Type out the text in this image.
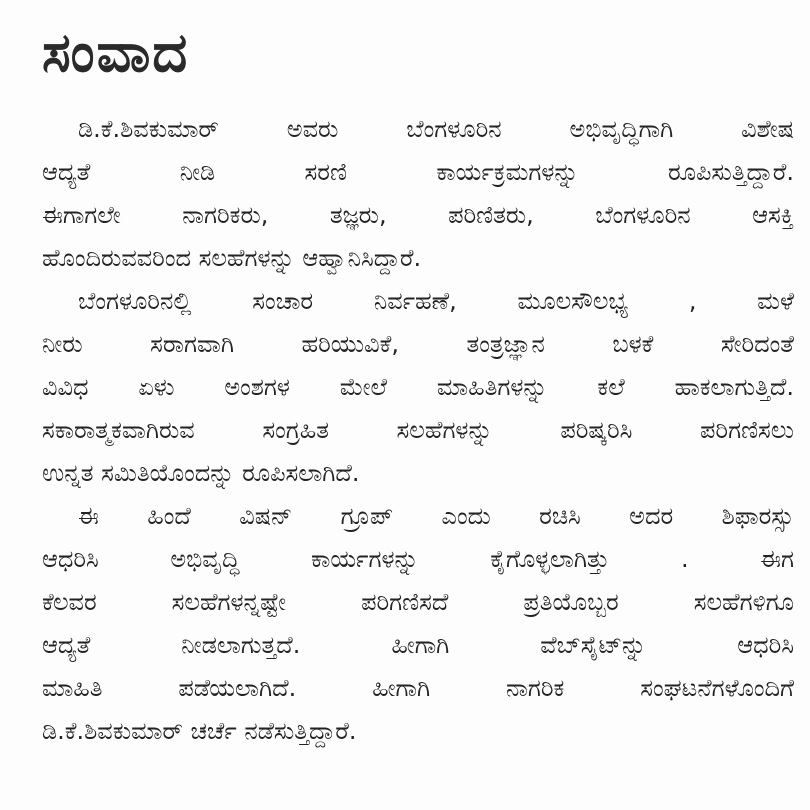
ಸಂವಾದ
ಡಿ.ಕೆ.ಶಿವಕುಮಾರ್ ಅವರು ಬೆಂಗಳೂರಿನ ಅಭಿವೃದ್ಧಿಗಾಗಿ ವಿಶೇಷ
ಆದ್ಯತೆ ನೀಡಿ ಸರಣಿ ಕಾರ್ಯಕ್ರಮಗಳನ್ನು ರೂಪಿಸುತ್ತಿದ್ದಾರೆ.
ಈಗಾಗಲೇ ನಾಗರಿಕರು, ತಜ್ಞರು, ಪರಿಣಿತರು, ಬೆಂಗಳೂರಿನ ಆಸಕ್ತಿ
ಹೊಂದಿರುವವರಿಂದ ಸಲಹೆಗಳನ್ನು ಆಹ್ವಾನಿಸಿದ್ದಾರೆ.
ಬೆಂಗಳೂರಿನಲ್ಲಿ ಸಂಚಾರ ನಿರ್ವಹಣೆ, ಮೂಲಸೌಲಭ್ಯ , ಮಳೆ
ನೀರು ಸರಾಗವಾಗಿ ಹರಿಯುವಿಕೆ, ತಂತ್ರಜ್ಞಾನ ಬಳಕೆ ಸೇರಿದಂತೆ
ವಿವಿಧ ಏಳು ಅಂಶಗಳ ಮೇಲೆ ಮಾಹಿತಿಗಳನ್ನು ಕಲೆ ಹಾಕಲಾಗುತ್ತಿದೆ.
ಸಕಾರಾತ್ಮಕವಾಗಿರುವ ಸಂಗ್ರಹಿತ ಸಲಹೆಗಳನ್ನು ಪರಿಷ್ಕರಿಸಿ ಪರಿಗಣಿಸಲು
ಉನ್ನತ ಸಮಿತಿಯೊಂದನ್ನು ರೂಪಿಸಲಾಗಿದೆ.
ಈ ಹಿಂದೆ ವಿಷನ್ ಗ್ರೂಪ್ ಎಂದು ರಚಿಸಿ ಅದರ ಶಿಫಾರಸ್ಸು
ಆಧರಿಸಿ ಅಭಿವೃದ್ಧಿ ಕಾರ್ಯಗಳನ್ನು ಕೈಗೊಳ್ಳಲಾಗಿತ್ತು . ಈಗ
ಕೆಲವರ ಸಲಹೆಗಳನ್ನಷ್ಟೇ ಪರಿಗಣಿಸದೆ ಪ್ರತಿಯೊಬ್ಬರ ಸಲಹೆಗಳಿಗೂ
ಆದ್ಯತೆ ನೀಡಲಾಗುತ್ತದೆ. ಹೀಗಾಗಿ ವೆಬ್‌ಸೈಟ್‌ನ್ನು ಆಧರಿಸಿ
ಮಾಹಿತಿ ಪಡೆಯಲಾಗಿದೆ. ಹೀಗಾಗಿ ನಾಗರಿಕ ಸಂಘಟನೆಗಳೊಂದಿಗೆ
ಡಿ.ಕೆ.ಶಿವಕುಮಾರ್ ಚರ್ಚೆ ನಡೆಸುತ್ತಿದ್ದಾರೆ.
